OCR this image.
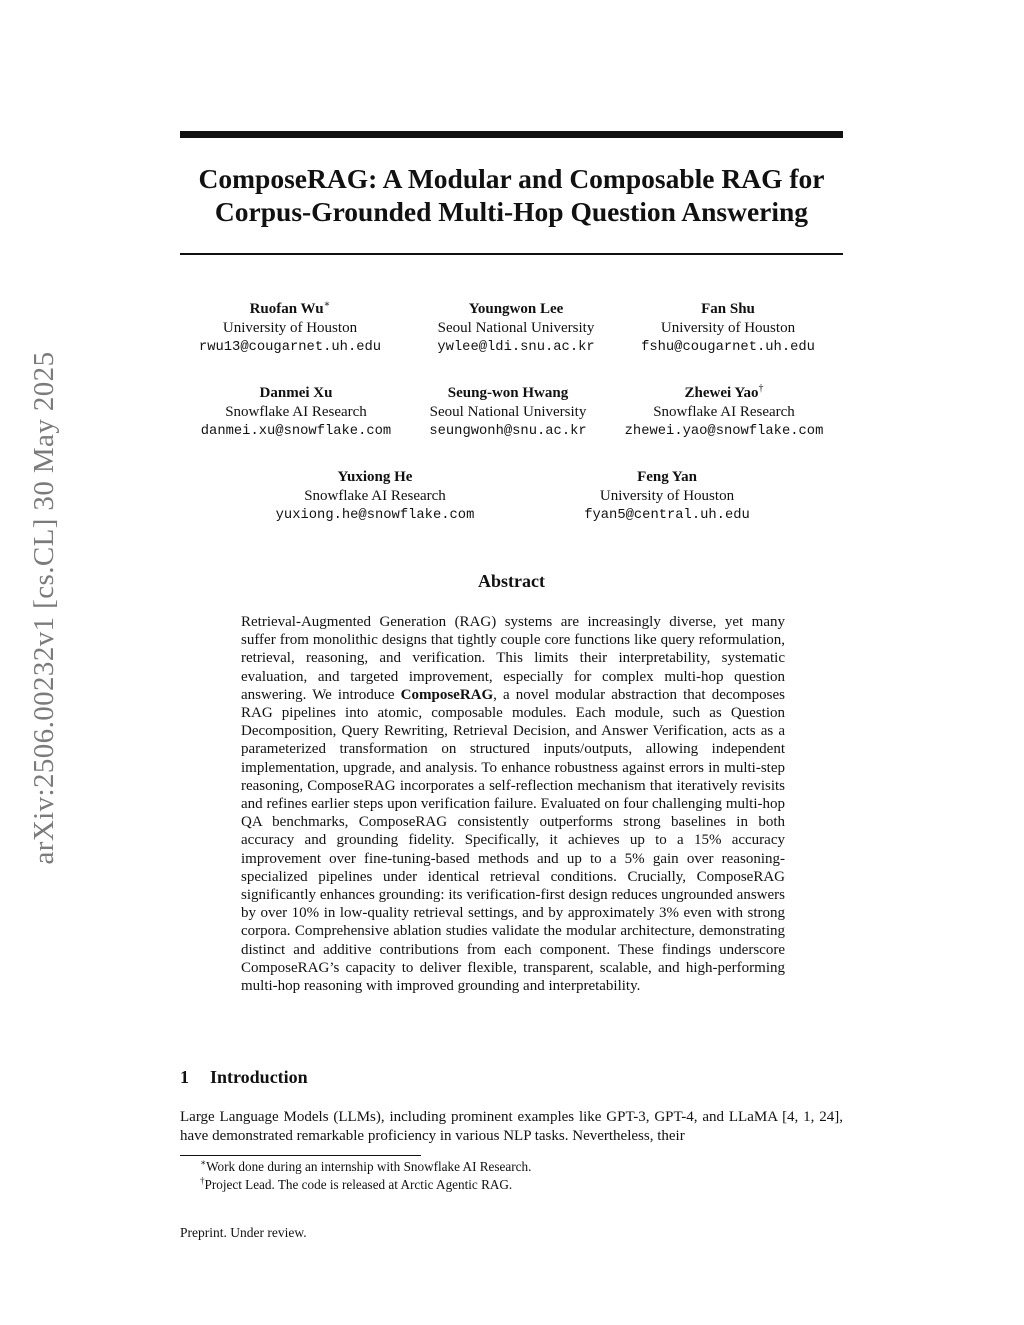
arXiv:2506.00232v1 [cs.CL] 30 May 2025
ComposeRAG: A Modular and Composable RAG for
Corpus-Grounded Multi-Hop Question Answering
Ruofan Wu∗
University of Houston
rwu13@cougarnet.uh.edu
Youngwon Lee
Seoul National University
ywlee@ldi.snu.ac.kr
Fan Shu
University of Houston
fshu@cougarnet.uh.edu
Danmei Xu
Snowflake AI Research
danmei.xu@snowflake.com
Seung-won Hwang
Seoul National University
seungwonh@snu.ac.kr
Zhewei Yao†
Snowflake AI Research
zhewei.yao@snowflake.com
Yuxiong He
Snowflake AI Research
yuxiong.he@snowflake.com
Feng Yan
University of Houston
fyan5@central.uh.edu
Abstract

Retrieval-Augmented Generation (RAG) systems are increasingly diverse, yet many suffer from monolithic designs that tightly couple core functions like query reformulation, retrieval, reasoning, and verification. This limits their interpretability, systematic evaluation, and targeted improvement, especially for complex multi-hop question answering. We introduce ComposeRAG, a novel modular abstraction that decomposes RAG pipelines into atomic, composable modules. Each module, such as Question Decomposition, Query Rewriting, Retrieval Decision, and Answer Verification, acts as a parameterized transformation on structured inputs/outputs, allowing independent implementation, upgrade, and analysis. To enhance robustness against errors in multi-step reasoning, ComposeRAG incorporates a self-reflection mechanism that iteratively revisits and refines earlier steps upon verification failure. Evaluated on four challenging multi-hop QA benchmarks, ComposeRAG consistently outperforms strong baselines in both accuracy and grounding fidelity. Specifically, it achieves up to a 15% accuracy improvement over fine-tuning-based methods and up to a 5% gain over reasoning-specialized pipelines under identical retrieval conditions. Crucially, ComposeRAG significantly enhances grounding: its verification-first design reduces ungrounded answers by over 10% in low-quality retrieval settings, and by approximately 3% even with strong corpora. Comprehensive ablation studies validate the modular architecture, demonstrating distinct and additive contributions from each component. These findings underscore ComposeRAG’s capacity to deliver flexible, transparent, scalable, and high-performing multi-hop reasoning with improved grounding and interpretability.

1 Introduction

Large Language Models (LLMs), including prominent examples like GPT-3, GPT-4, and LLaMA [4, 1, 24], have demonstrated remarkable proficiency in various NLP tasks. Nevertheless, their

∗Work done during an internship with Snowflake AI Research.

†Project Lead. The code is released at Arctic Agentic RAG.

Preprint. Under review.
